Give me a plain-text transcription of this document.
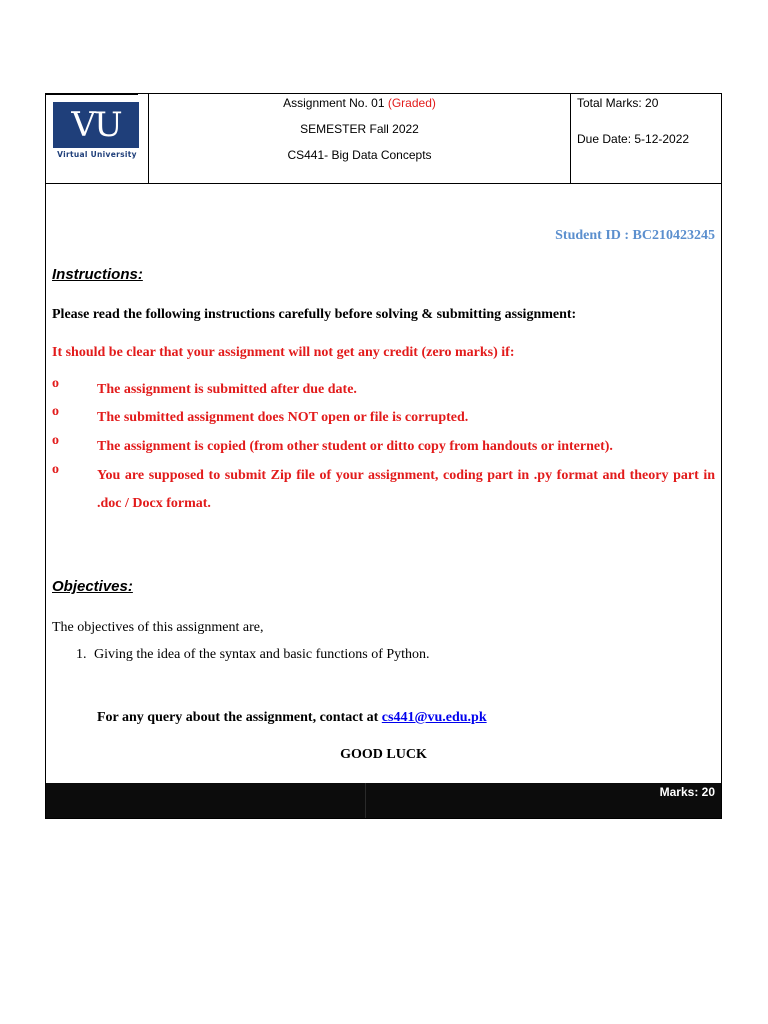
VU
Virtual University
Assignment No. 01 (Graded)
SEMESTER Fall 2022
CS441- Big Data Concepts
Total Marks: 20
Due Date: 5-12-2022
Student ID : BC210423245
Instructions:
Please read the following instructions carefully before solving & submitting assignment:
It should be clear that your assignment will not get any credit (zero marks) if:
o	The assignment is submitted after due date.
o	The submitted assignment does NOT open or file is corrupted.
o	The assignment is copied (from other student or ditto copy from handouts or internet).
o	You are supposed to submit Zip file of your assignment, coding part in .py format and theory part in .doc / Docx format.
Objectives:
The objectives of this assignment are,
1. Giving the idea of the syntax and basic functions of Python.
For any query about the assignment, contact at cs441@vu.edu.pk
GOOD LUCK
Marks: 20
